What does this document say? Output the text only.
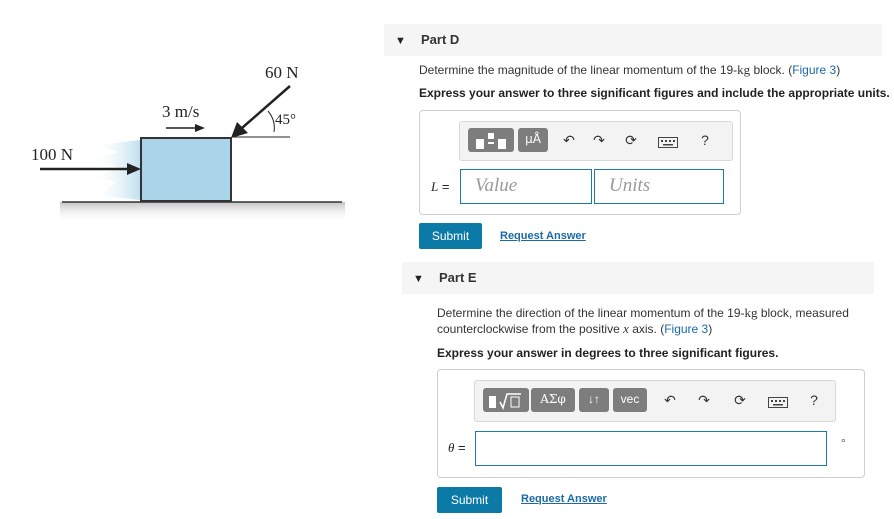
100 N
3 m/s
60 N
45°
▼ Part D
Determine the magnitude of the linear momentum of the 19-kg block. (Figure 3)
Express your answer to three significant figures and include the appropriate units.
μÅ	↶ ↷ ⟳	?
L =	Value	Units
Submit	Request Answer
▼ Part E
Determine the direction of the linear momentum of the 19-kg block, measured
counterclockwise from the positive x axis. (Figure 3)
Express your answer in degrees to three significant figures.
ΑΣφ	↓↑	vec	↶ ↷ ⟳	?
θ =	°
Submit	Request Answer
